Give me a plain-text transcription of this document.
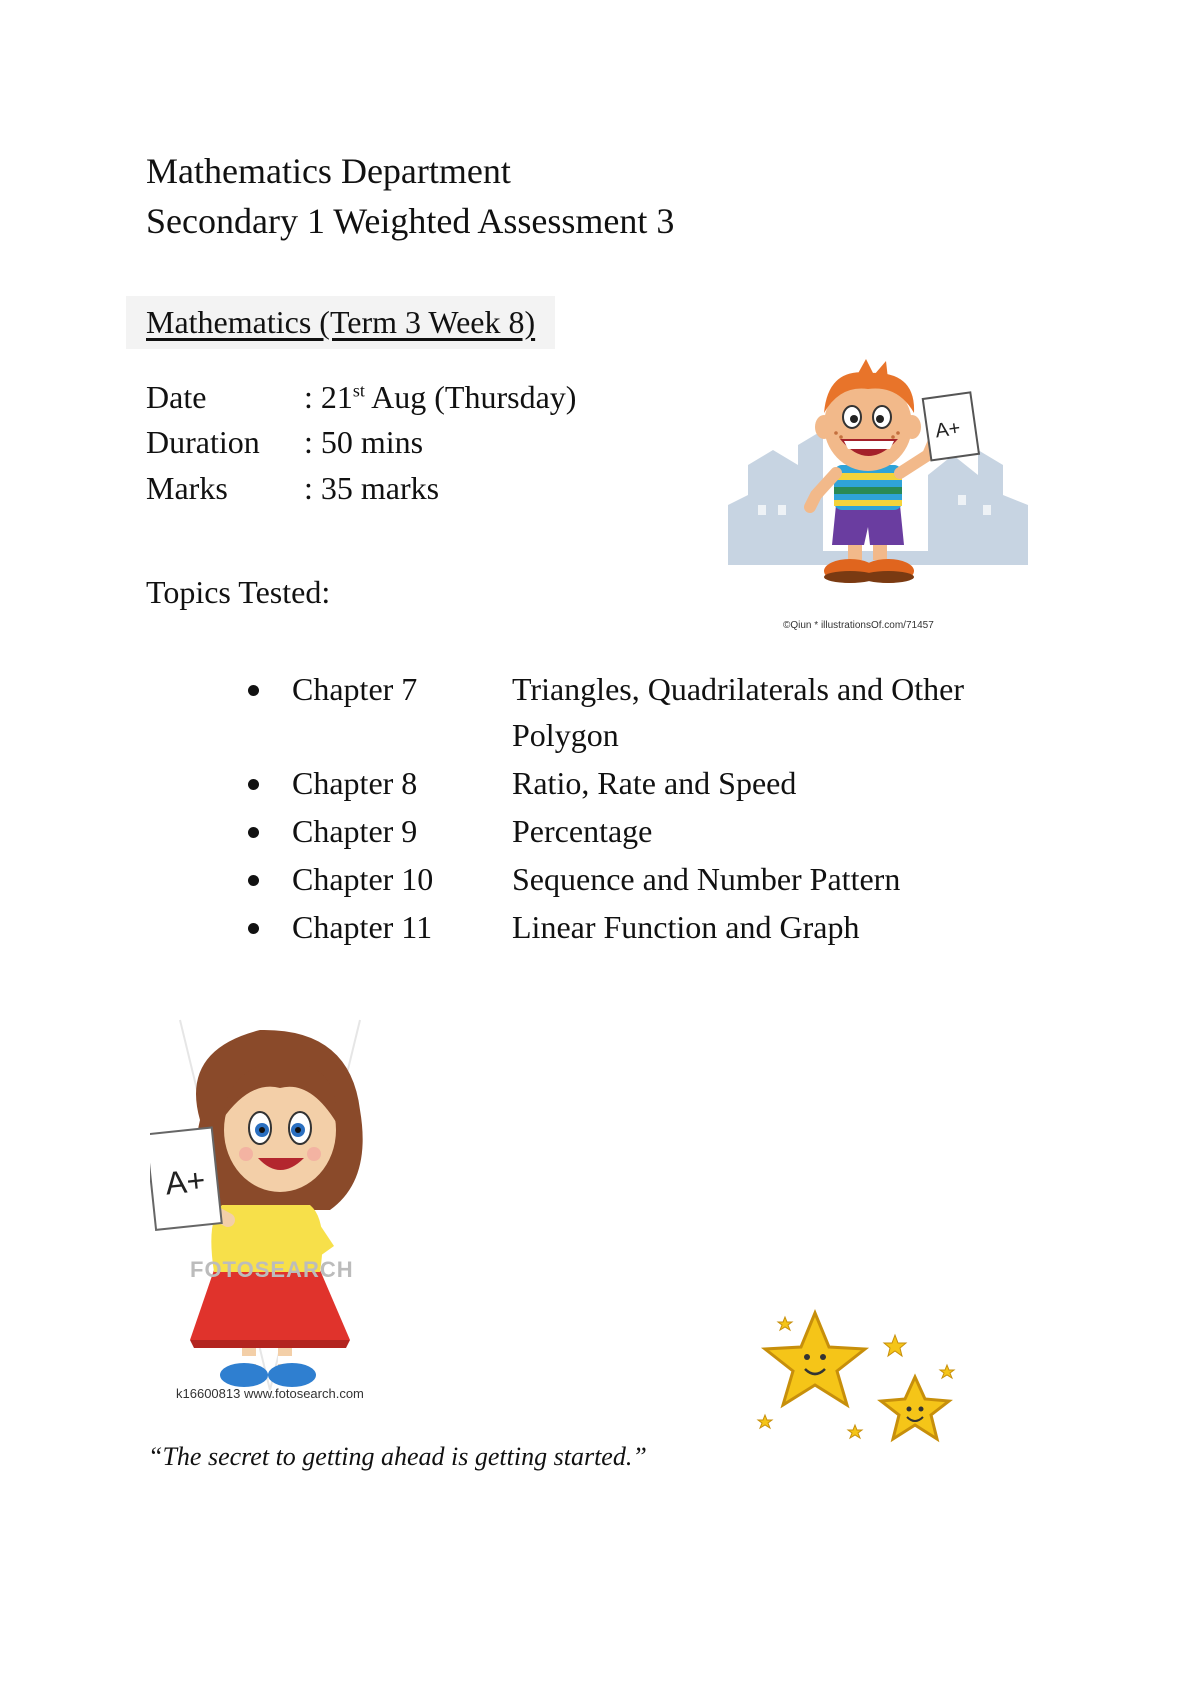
Mathematics Department
Secondary 1 Weighted Assessment 3
Mathematics (Term 3 Week 8)
Date	: 21st Aug (Thursday)
Duration : 50 mins
Marks : 35 marks
Topics Tested:
Chapter 7	Triangles, Quadrilaterals and Other Polygon
Chapter 8	Ratio, Rate and Speed
Chapter 9	Percentage
Chapter 10	Sequence and Number Pattern
Chapter 11	Linear Function and Graph
A+
©Qiun * illustrationsOf.com/71457
A+
FOTOSEARCH
k16600813 www.fotosearch.com
“The secret to getting ahead is getting started.”
